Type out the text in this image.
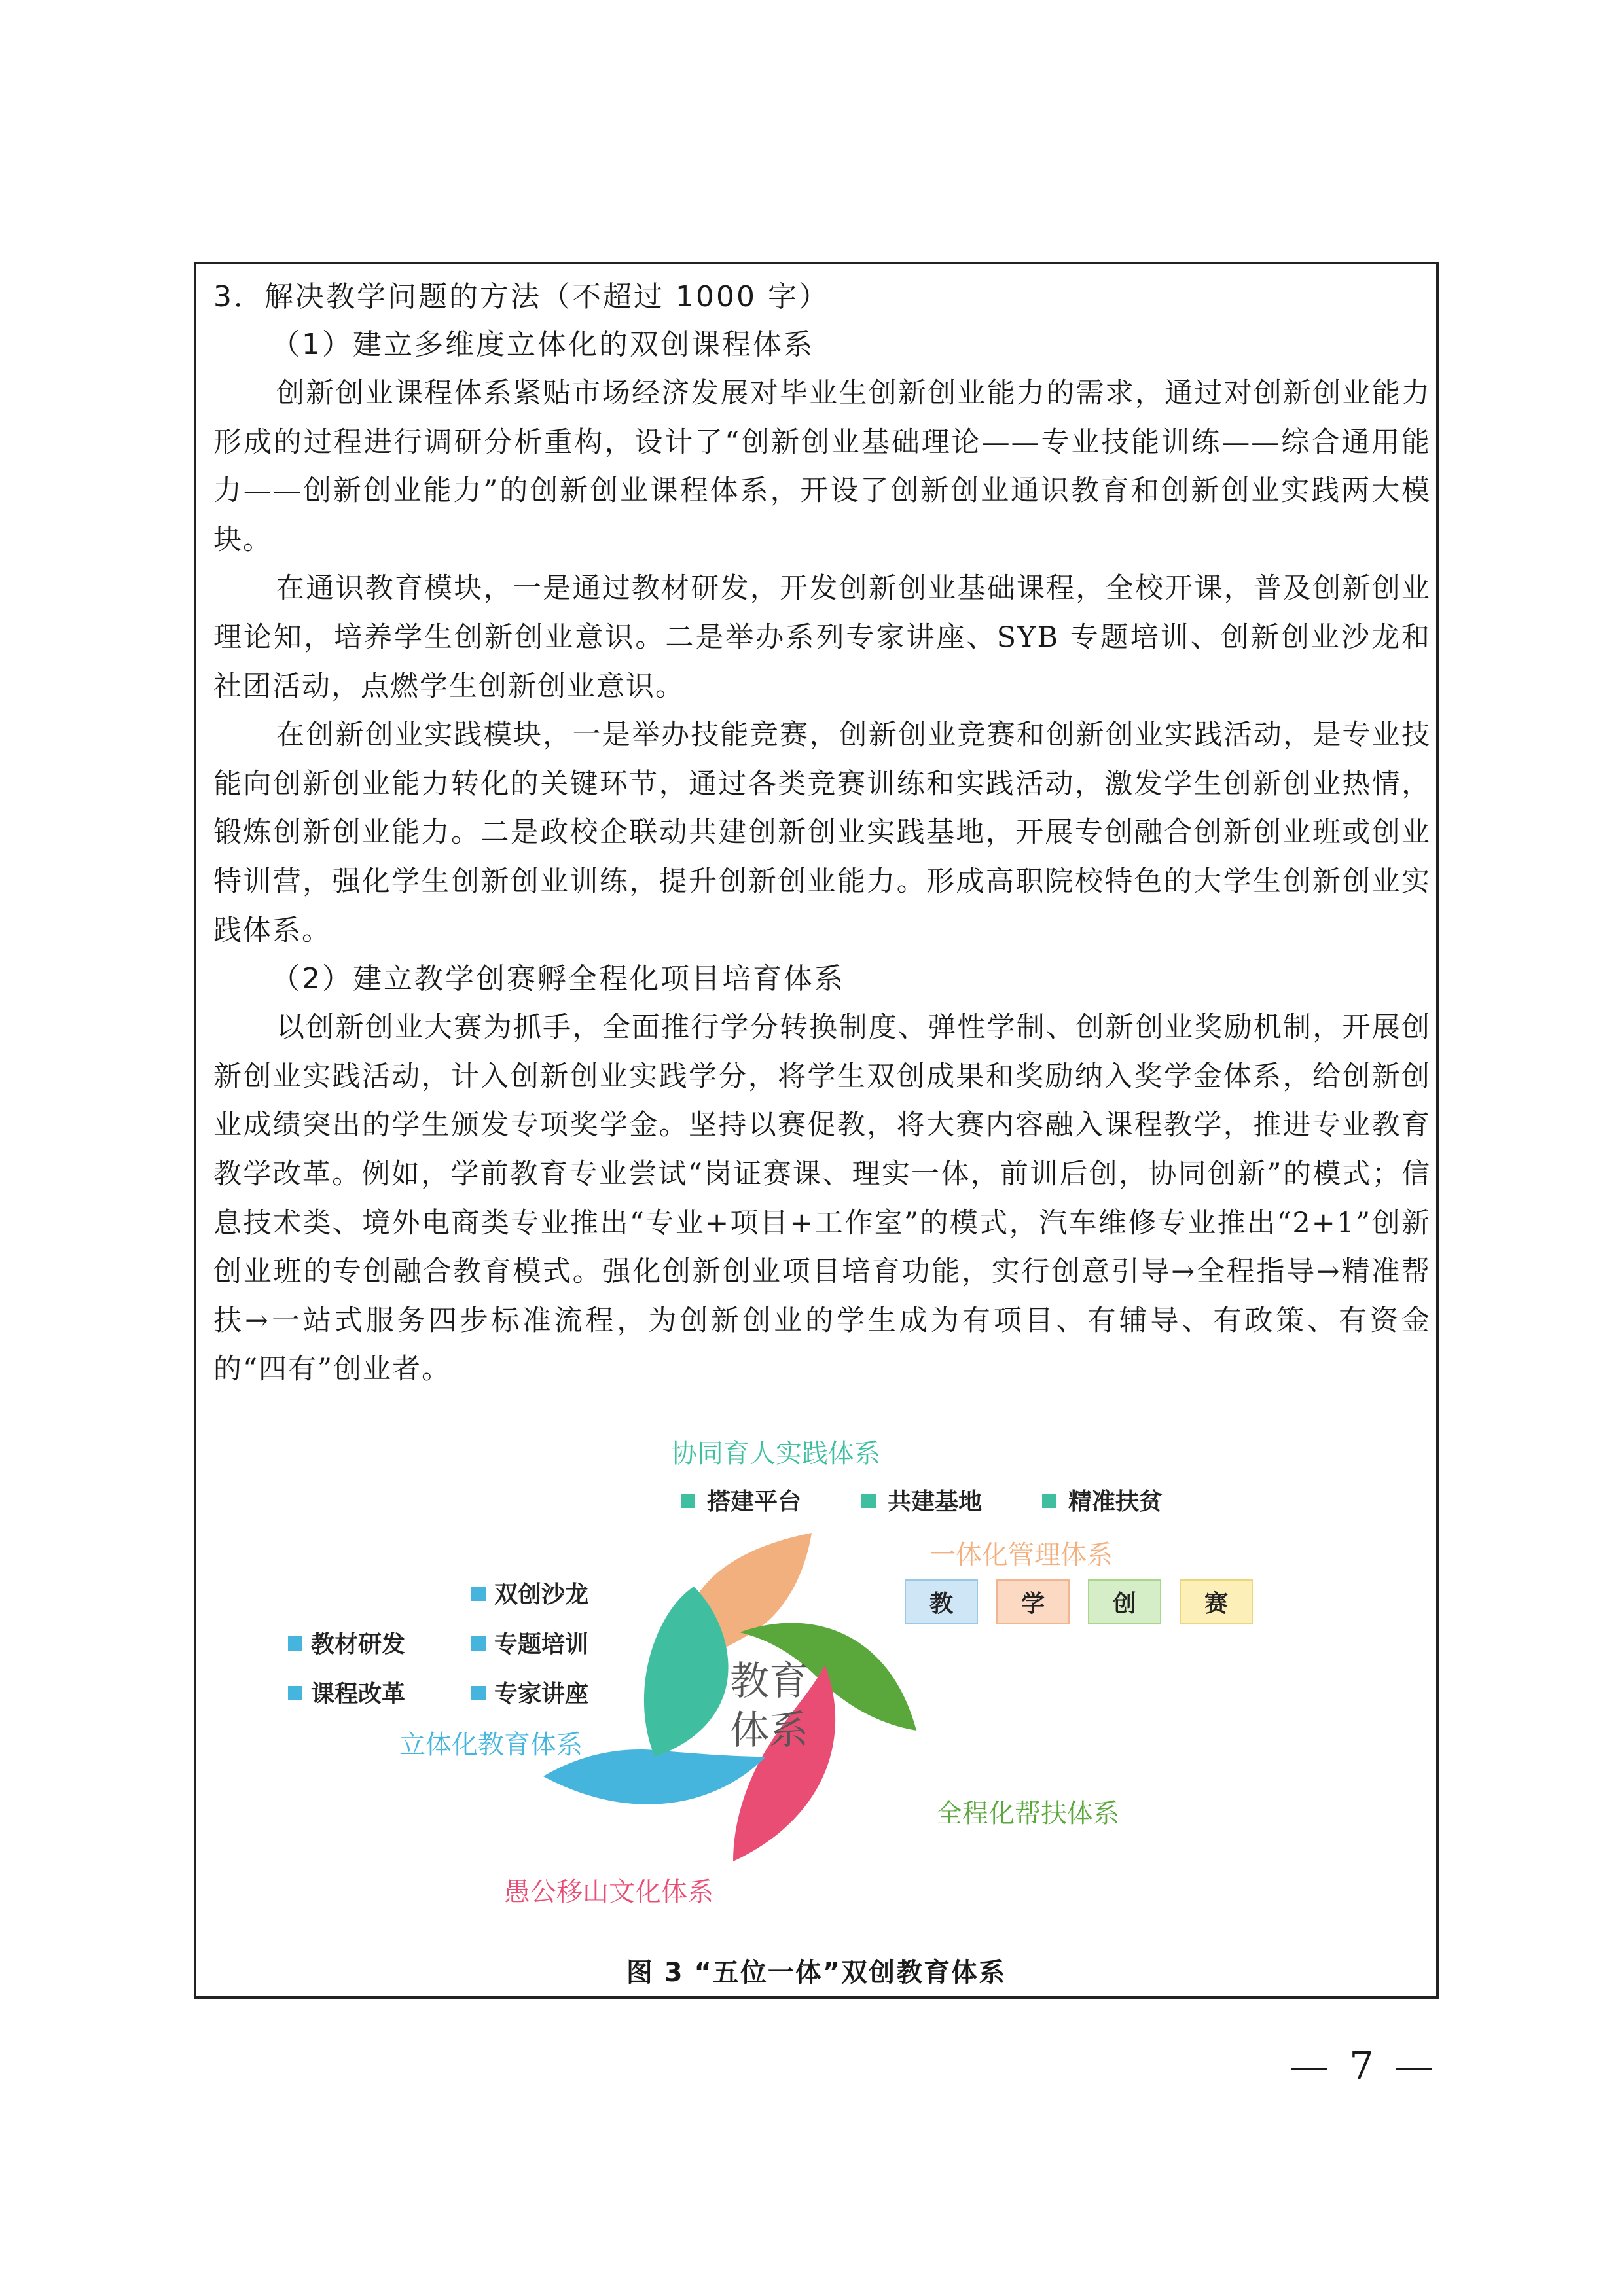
3．解决教学问题的方法（不超过 1000 字）

（1）建立多维度立体化的双创课程体系

创新创业课程体系紧贴市场经济发展对毕业生创新创业能力的需求，通过对创新创业能力形成的过程进行调研分析重构，设计了“创新创业基础理论——专业技能训练——综合通用能力——创新创业能力”的创新创业课程体系，开设了创新创业通识教育和创新创业实践两大模块。

在通识教育模块，一是通过教材研发，开发创新创业基础课程，全校开课，普及创新创业理论知，培养学生创新创业意识。二是举办系列专家讲座、SYB 专题培训、创新创业沙龙和社团活动，点燃学生创新创业意识。

在创新创业实践模块，一是举办技能竞赛，创新创业竞赛和创新创业实践活动，是专业技能向创新创业能力转化的关键环节，通过各类竞赛训练和实践活动，激发学生创新创业热情，锻炼创新创业能力。二是政校企联动共建创新创业实践基地，开展专创融合创新创业班或创业特训营，强化学生创新创业训练，提升创新创业能力。形成高职院校特色的大学生创新创业实践体系。

（2）建立教学创赛孵全程化项目培育体系

以创新创业大赛为抓手，全面推行学分转换制度、弹性学制、创新创业奖励机制，开展创新创业实践活动，计入创新创业实践学分，将学生双创成果和奖励纳入奖学金体系，给创新创业成绩突出的学生颁发专项奖学金。坚持以赛促教，将大赛内容融入课程教学，推进专业教育教学改革。例如，学前教育专业尝试“岗证赛课、理实一体，前训后创，协同创新”的模式；信息技术类、境外电商类专业推出“专业+项目+工作室”的模式，汽车维修专业推出“2+1”创新创业班的专创融合教育模式。强化创新创业项目培育功能，实行创意引导→全程指导→精准帮扶→一站式服务四步标准流程，为创新创业的学生成为有项目、有辅导、有政策、有资金的“四有”创业者。

教育
体系
协同育人实践体系
搭建平台	共建基地	精准扶贫
一体化管理体系
教	学	创	赛
双创沙龙
教材研发	专题培训
课程改革	专家讲座
立体化教育体系
全程化帮扶体系
愚公移山文化体系
图 3 “五位一体”双创教育体系
— 7 —
